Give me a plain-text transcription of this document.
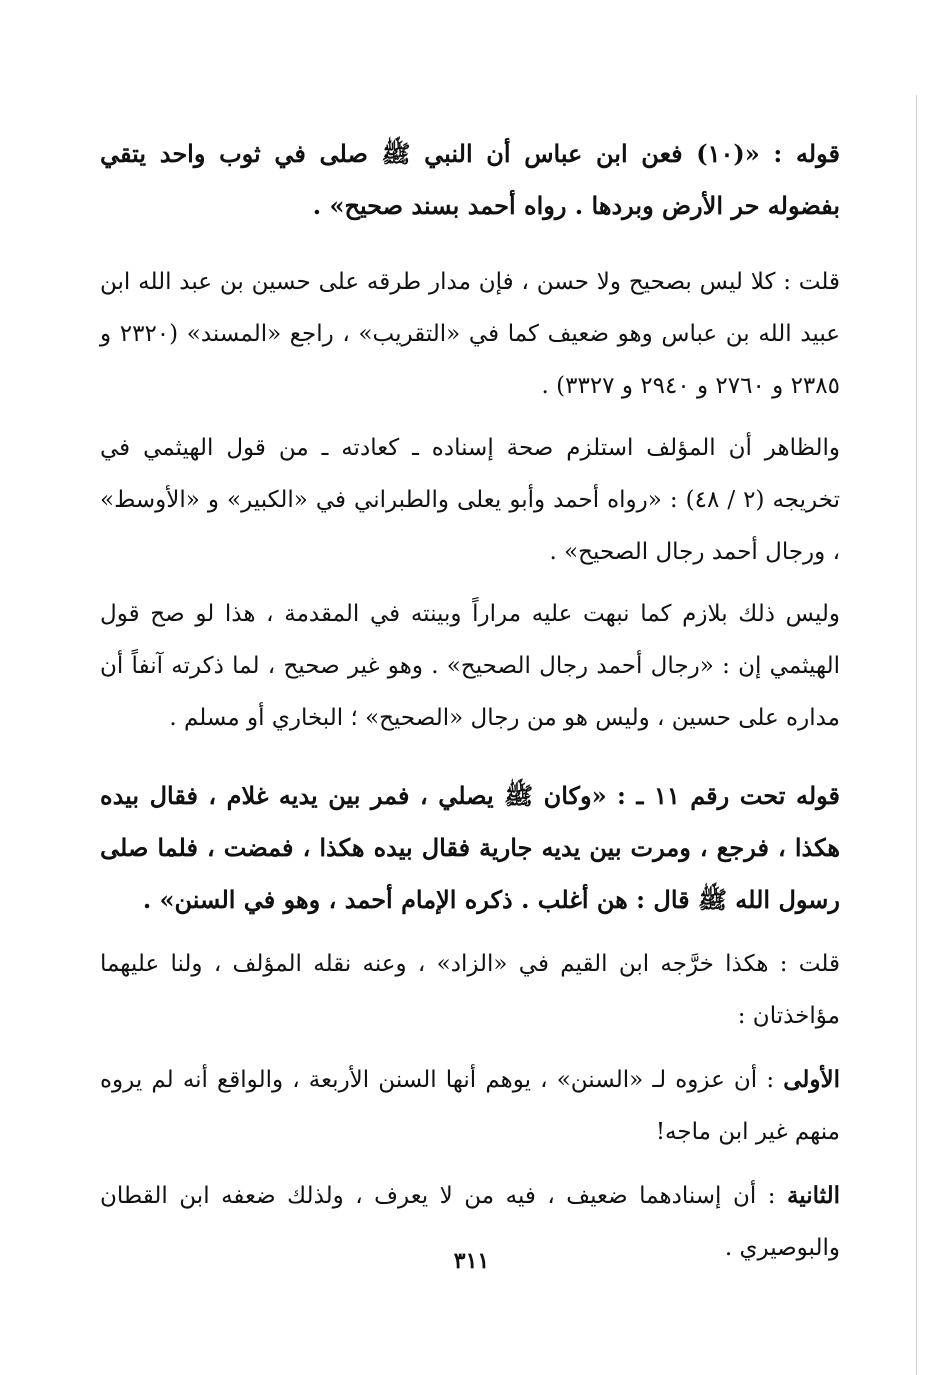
قوله : «(١٠) فعن ابن عباس أن النبي ﷺ صلى في ثوب واحد يتقي بفضوله حر الأرض وبردها . رواه أحمد بسند صحيح» .

قلت : كلا ليس بصحيح ولا حسن ، فإن مدار طرقه على حسين بن عبد الله ابن عبيد الله بن عباس وهو ضعيف كما في «التقريب» ، راجع «المسند» (٢٣٢٠ و ٢٣٨٥ و ٢٧٦٠ و ٢٩٤٠ و ٣٣٢٧) .

والظاهر أن المؤلف استلزم صحة إسناده ـ كعادته ـ من قول الهيثمي في تخريجه (٢ / ٤٨) : «رواه أحمد وأبو يعلى والطبراني في «الكبير» و «الأوسط» ، ورجال أحمد رجال الصحيح» .

وليس ذلك بلازم كما نبهت عليه مراراً وبينته في المقدمة ، هذا لو صح قول الهيثمي إن : «رجال أحمد رجال الصحيح» . وهو غير صحيح ، لما ذكرته آنفاً أن مداره على حسين ، وليس هو من رجال «الصحيح» ؛ البخاري أو مسلم .

قوله تحت رقم ١١ ـ : «وكان ﷺ يصلي ، فمر بين يديه غلام ، فقال بيده هكذا ، فرجع ، ومرت بين يديه جارية فقال بيده هكذا ، فمضت ، فلما صلى رسول الله ﷺ قال : هن أغلب . ذكره الإمام أحمد ، وهو في السنن» .

قلت : هكذا خرَّجه ابن القيم في «الزاد» ، وعنه نقله المؤلف ، ولنا عليهما مؤاخذتان :

الأولى : أن عزوه لـ «السنن» ، يوهم أنها السنن الأربعة ، والواقع أنه لم يروه منهم غير ابن ماجه!

الثانية : أن إسنادهما ضعيف ، فيه من لا يعرف ، ولذلك ضعفه ابن القطان والبوصيري .

٣١١
